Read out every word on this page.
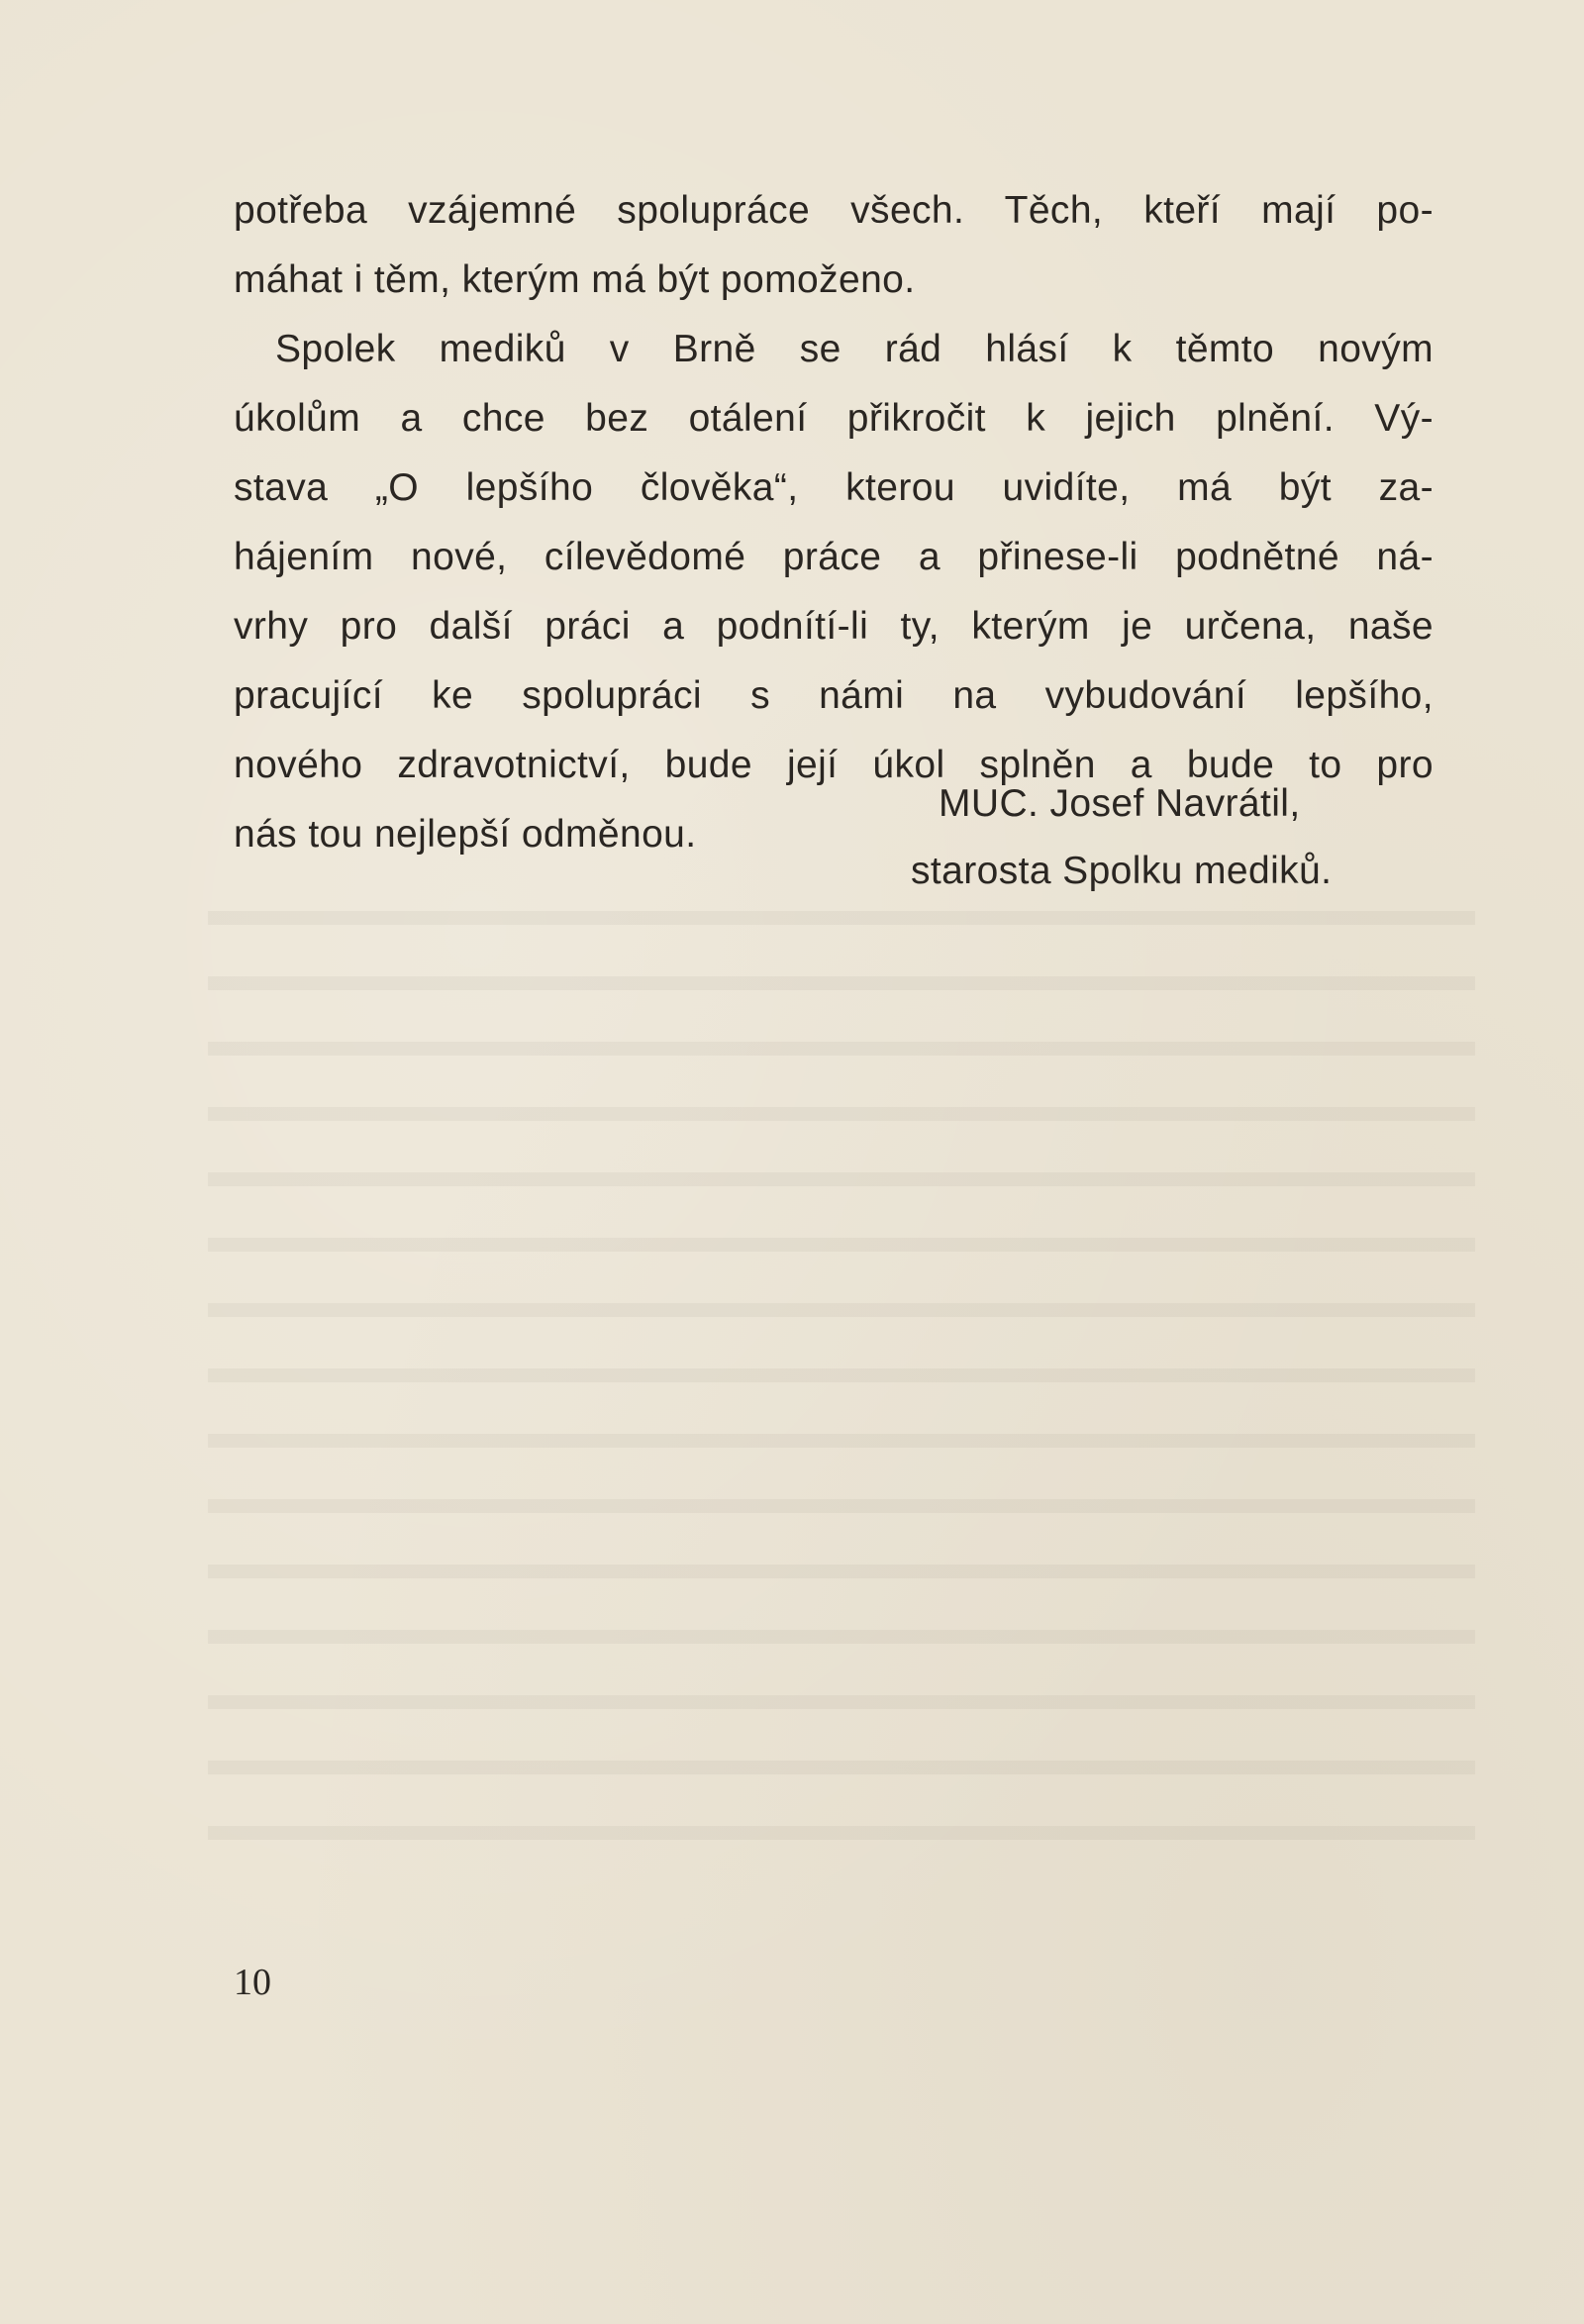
potřeba vzájemné spolupráce všech. Těch, kteří mají po-
máhat i těm, kterým má být pomoženo.
Spolek mediků v Brně se rád hlásí k těmto novým
úkolům a chce bez otálení přikročit k jejich plnění. Vý-
stava „O lepšího člověka“, kterou uvidíte, má být za-
hájením nové, cílevědomé práce a přinese-li podnětné ná-
vrhy pro další práci a podnítí-li ty, kterým je určena, naše
pracující ke spolupráci s námi na vybudování lepšího,
nového zdravotnictví, bude její úkol splněn a bude to pro
nás tou nejlepší odměnou.
MUC. Josef Navrátil,
starosta Spolku mediků.
10
